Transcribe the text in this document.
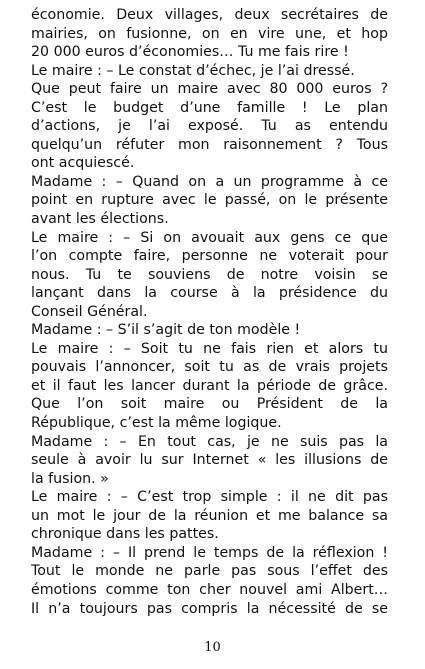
économie. Deux villages, deux secrétaires de
mairies, on fusionne, on en vire une, et hop
20 000 euros d’économies… Tu me fais rire !
Le maire : – Le constat d’échec, je l’ai dressé.
Que peut faire un maire avec 80 000 euros ?
C’est le budget d’une famille ! Le plan
d’actions, je l’ai exposé. Tu as entendu
quelqu’un réfuter mon raisonnement ? Tous
ont acquiescé.
Madame : – Quand on a un programme à ce
point en rupture avec le passé, on le présente
avant les élections.
Le maire : – Si on avouait aux gens ce que
l’on compte faire, personne ne voterait pour
nous. Tu te souviens de notre voisin se
lançant dans la course à la présidence du
Conseil Général.
Madame : – S’il s’agit de ton modèle !
Le maire : – Soit tu ne fais rien et alors tu
pouvais l’annoncer, soit tu as de vrais projets
et il faut les lancer durant la période de grâce.
Que l’on soit maire ou Président de la
République, c’est la même logique.
Madame : – En tout cas, je ne suis pas la
seule à avoir lu sur Internet « les illusions de
la fusion. »
Le maire : – C’est trop simple : il ne dit pas
un mot le jour de la réunion et me balance sa
chronique dans les pattes.
Madame : – Il prend le temps de la réflexion !
Tout le monde ne parle pas sous l’effet des
émotions comme ton cher nouvel ami Albert…
Il n’a toujours pas compris la nécessité de se
10
